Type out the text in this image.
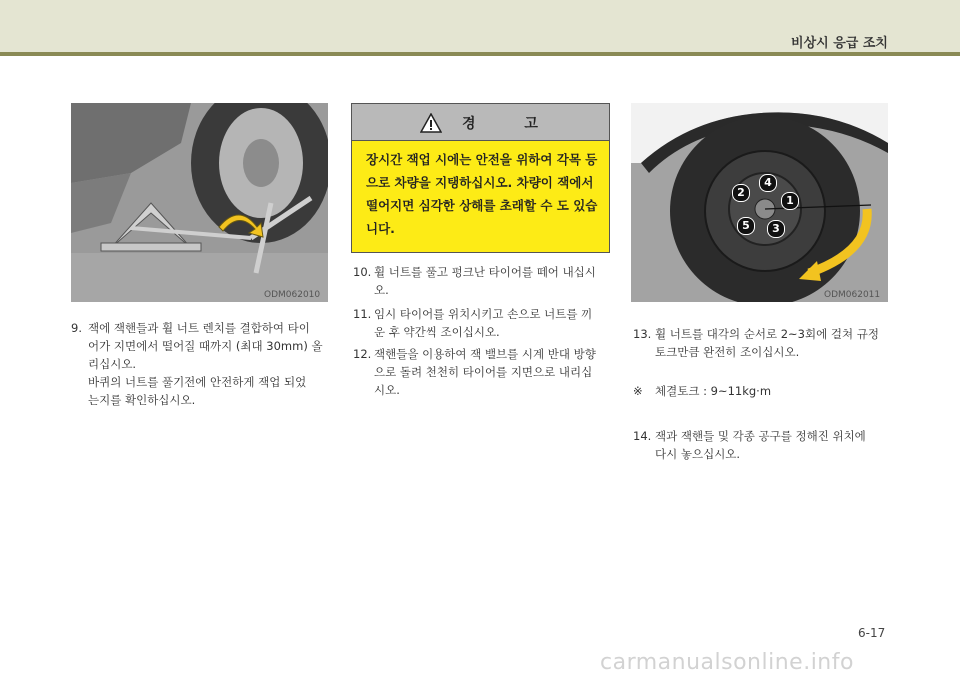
비상시 응급 조치
ODM062010
9. 잭에 잭핸들과 휠 너트 렌치를 결합하여 타이
어가 지면에서 떨어질 때까지 (최대 30mm) 올
리십시오.
바퀴의 너트를 풀기전에 안전하게 잭업 되었
는지를 확인하십시오.
경 고
장시간 잭업 시에는 안전을 위하여 각목 등으로 차량을 지탱하십시오. 차량이 잭에서 떨어지면 심각한 상해를 초래할 수 도 있습니다.
10. 휠 너트를 풀고 펑크난 타이어를 떼어 내십시
오.
11. 임시 타이어를 위치시키고 손으로 너트를 끼
운 후 약간씩 조이십시오.
12. 잭핸들을 이용하여 잭 밸브를 시계 반대 방향
으로 돌려 천천히 타이어를 지면으로 내리십
시오.
1
2
3
4
5
ODM062011
13. 휠 너트를 대각의 순서로 2~3회에 걸쳐 규정
토크만큼 완전히 조이십시오.
※ 체결토크 : 9~11kg·m
14. 잭과 잭핸들 및 각종 공구를 정해진 위치에
다시 놓으십시오.
6-17
carmanualsonline.info
